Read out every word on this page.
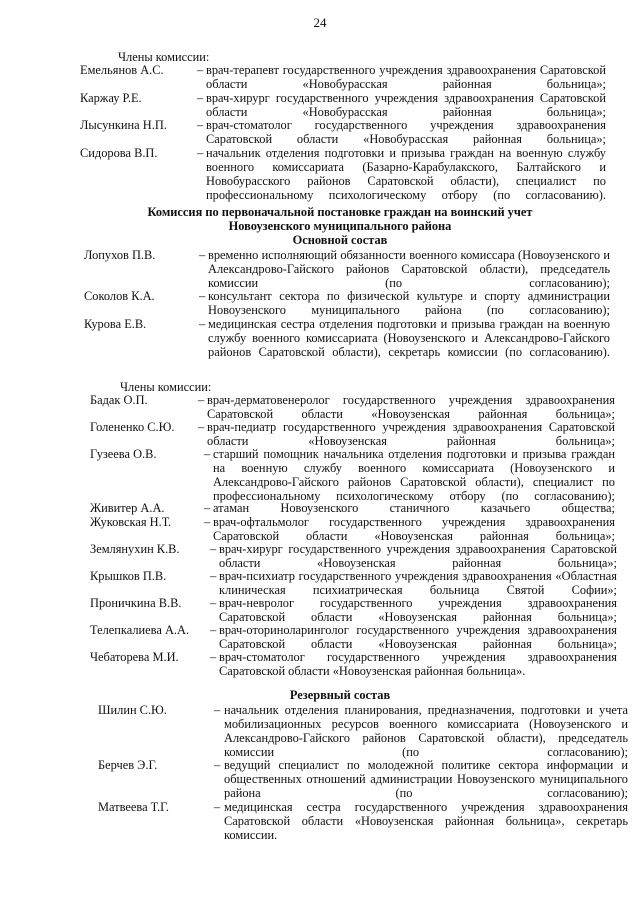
24
Члены комиссии:
Емельянов А.С.	– врач-терапевт государственного учреждения здравоохранения Саратовской области «Новобурасская районная больница»;
Каржау Р.Е.	– врач-хирург государственного учреждения здравоохранения Саратовской области «Новобурасская районная больница»;
Лысункина Н.П. – врач-стоматолог государственного учреждения здравоохранения Саратовской области «Новобурасская районная больница»;
Сидорова В.П.	– начальник отделения подготовки и призыва граждан на военную службу военного комиссариата (Базарно-Карабулакского, Балтайского и Новобурасского районов Саратовской области), специалист по профессиональному психологическому отбору (по согласованию).
Комиссия по первоначальной постановке граждан на воинский учет
Новоузенского муниципального района
Основной состав
Лопухов П.В.	– временно исполняющий обязанности военного комиссара (Новоузенского и Александрово-Гайского районов Саратовской области), председатель комиссии (по согласованию);
Соколов К.А.	– консультант сектора по физической культуре и спорту администрации Новоузенского муниципального района (по согласованию);
Курова Е.В.	– медицинская сестра отделения подготовки и призыва граждан на военную службу военного комиссариата (Новоузенского и Александрово-Гайского районов Саратовской области), секретарь комиссии (по согласованию).
Члены комиссии:
Бадак О.П.	– врач-дерматовенеролог государственного учреждения здравоохранения Саратовской области «Новоузенская районная больница»;
Голененко С.Ю. – врач-педиатр государственного учреждения здравоохранения Саратовской области «Новоузенская районная больница»;
Гузеева О.В.	– старший помощник начальника отделения подготовки и призыва граждан на военную службу военного комиссариата (Новоузенского и Александрово-Гайского районов Саратовской области), специалист по профессиональному психологическому отбору (по согласованию);
Живитер А.А.	– атаман Новоузенского станичного казачьего общества;
Жуковская Н.Т.	– врач-офтальмолог государственного учреждения здравоохранения Саратовской области «Новоузенская районная больница»;
Землянухин К.В. – врач-хирург государственного учреждения здравоохранения Саратовской области «Новоузенская районная больница»;
Крышков П.В.	– врач-психиатр государственного учреждения здравоохранения «Областная клиническая психиатрическая больница Святой Софии»;
Проничкина В.В. – врач-невролог государственного учреждения здравоохранения Саратовской области «Новоузенская районная больница»;
Телепкалиева А.А. – врач-оториноларинголог государственного учреждения здравоохранения Саратовской области «Новоузенская районная больница»;
Чебаторева М.И.	– врач-стоматолог государственного учреждения здравоохранения Саратовской области «Новоузенская районная больница».
Резервный состав
Шилин С.Ю.	– начальник отделения планирования, предназначения, подготовки и учета мобилизационных ресурсов военного комиссариата (Новоузенского и Александрово-Гайского районов Саратовской области), председатель комиссии (по согласованию);
Берчев Э.Г.	– ведущий специалист по молодежной политике сектора информации и общественных отношений администрации Новоузенского муниципального района (по согласованию);
Матвеева Т.Г.	– медицинская сестра государственного учреждения здравоохранения Саратовской области «Новоузенская районная больница», секретарь комиссии.
